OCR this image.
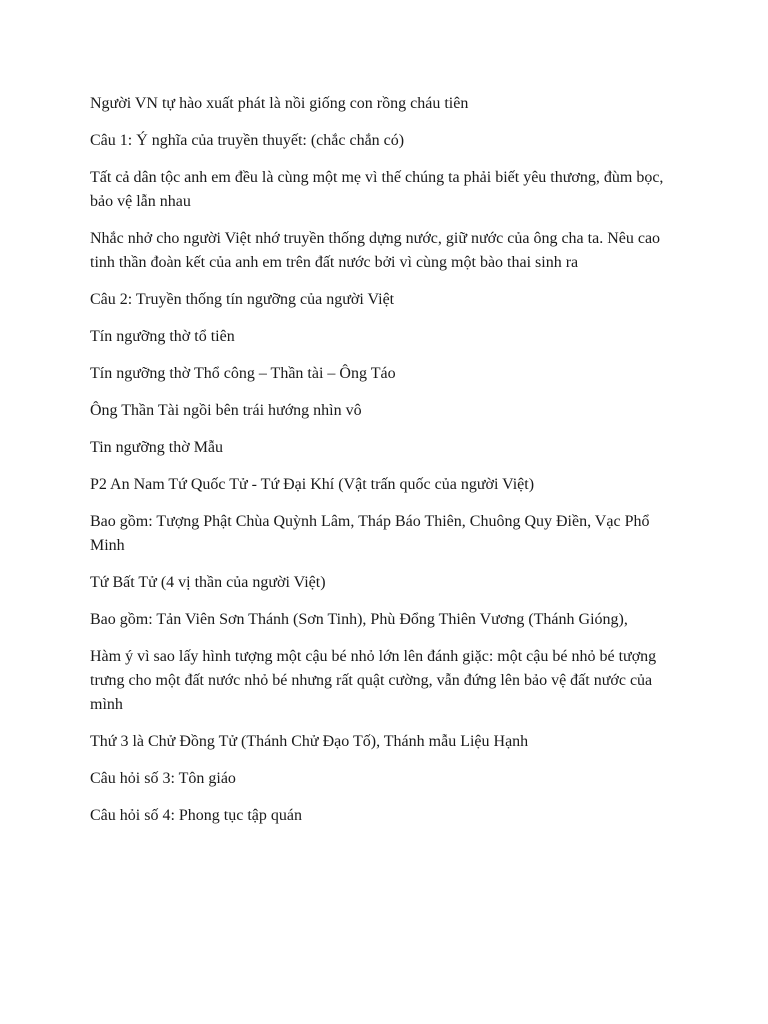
Người VN tự hào xuất phát là nồi giống con rồng cháu tiên

Câu 1: Ý nghĩa của truyền thuyết: (chắc chắn có)

Tất cả dân tộc anh em đều là cùng một mẹ vì thế chúng ta phải biết yêu thương, đùm bọc, bảo vệ lẫn nhau

Nhắc nhở cho người Việt nhớ truyền thống dựng nước, giữ nước của ông cha ta. Nêu cao tinh thần đoàn kết của anh em trên đất nước bởi vì cùng một bào thai sinh ra

Câu 2: Truyền thống tín ngưỡng của người Việt

Tín ngưỡng thờ tổ tiên

Tín ngưỡng thờ Thổ công – Thần tài – Ông Táo

Ông Thần Tài ngồi bên trái hướng nhìn vô

Tin ngưỡng thờ Mẫu

P2 An Nam Tứ Quốc Tử - Tứ Đại Khí (Vật trấn quốc của người Việt)

Bao gồm: Tượng Phật Chùa Quỳnh Lâm, Tháp Báo Thiên, Chuông Quy Điền, Vạc Phổ Minh

Tứ Bất Tử (4 vị thần của người Việt)

Bao gồm: Tản Viên Sơn Thánh (Sơn Tinh), Phù Đổng Thiên Vương (Thánh Gióng),

Hàm ý vì sao lấy hình tượng một cậu bé nhỏ lớn lên đánh giặc: một cậu bé nhỏ bé tượng trưng cho một đất nước nhỏ bé nhưng rất quật cường, vẫn đứng lên bảo vệ đất nước của mình

Thứ 3 là Chử Đồng Tử (Thánh Chử Đạo Tố), Thánh mẫu Liệu Hạnh

Câu hỏi số 3: Tôn giáo

Câu hỏi số 4: Phong tục tập quán
